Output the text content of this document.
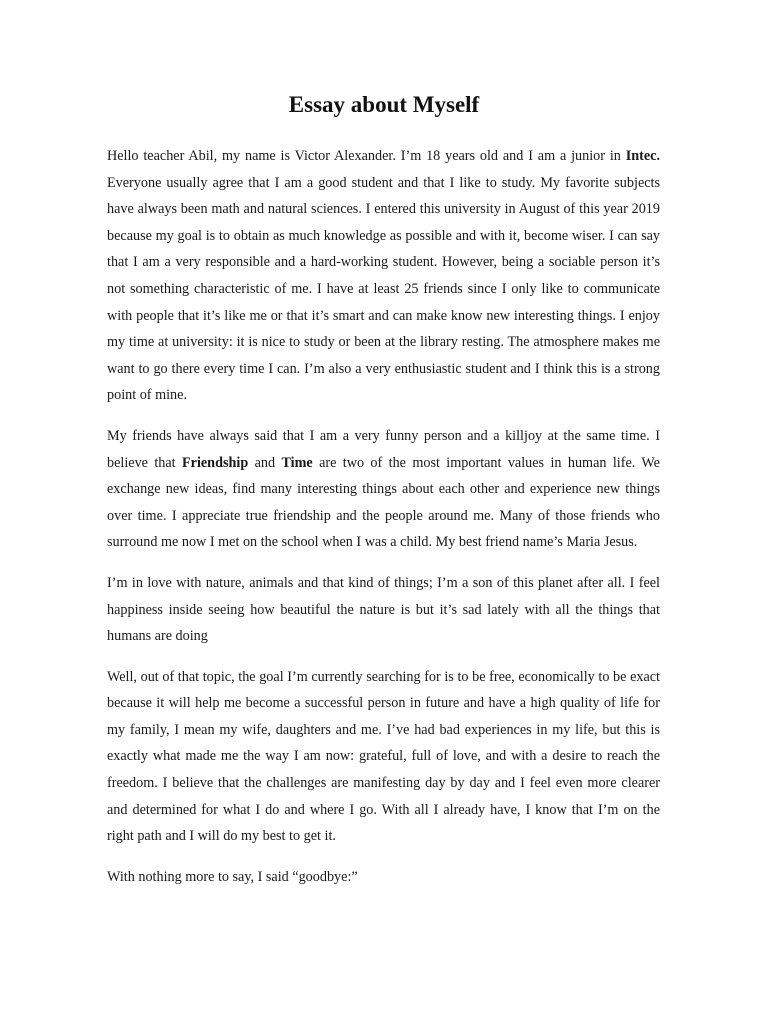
Essay about Myself

Hello teacher Abil, my name is Victor Alexander. I’m 18 years old and I am a junior in Intec. Everyone usually agree that I am a good student and that I like to study. My favorite subjects have always been math and natural sciences. I entered this university in August of this year 2019 because my goal is to obtain as much knowledge as possible and with it, become wiser. I can say that I am a very responsible and a hard-working student. However, being a sociable person it’s not something characteristic of me. I have at least 25 friends since I only like to communicate with people that it’s like me or that it’s smart and can make know new interesting things. I enjoy my time at university: it is nice to study or been at the library resting. The atmosphere makes me want to go there every time I can. I’m also a very enthusiastic student and I think this is a strong point of mine.

My friends have always said that I am a very funny person and a killjoy at the same time. I believe that Friendship and Time are two of the most important values in human life. We exchange new ideas, find many interesting things about each other and experience new things over time. I appreciate true friendship and the people around me. Many of those friends who surround me now I met on the school when I was a child. My best friend name’s Maria Jesus.

I’m in love with nature, animals and that kind of things; I’m a son of this planet after all. I feel happiness inside seeing how beautiful the nature is but it’s sad lately with all the things that humans are doing

Well, out of that topic, the goal I’m currently searching for is to be free, economically to be exact because it will help me become a successful person in future and have a high quality of life for my family, I mean my wife, daughters and me. I’ve had bad experiences in my life, but this is exactly what made me the way I am now: grateful, full of love, and with a desire to reach the freedom. I believe that the challenges are manifesting day by day and I feel even more clearer and determined for what I do and where I go. With all I already have, I know that I’m on the right path and I will do my best to get it.

With nothing more to say, I said “goodbye:”
